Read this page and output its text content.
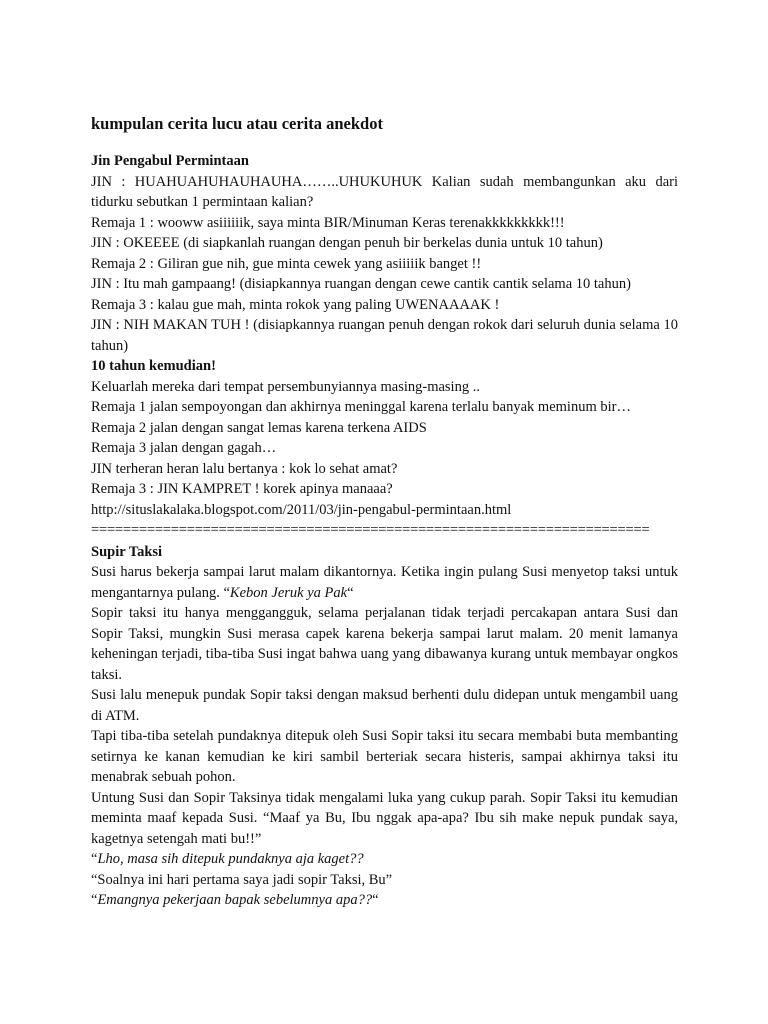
kumpulan cerita lucu atau cerita anekdot
Jin Pengabul Permintaan

JIN : HUAHUAHUHAUHAUHA……..UHUKUHUK Kalian sudah membangunkan aku dari tidurku sebutkan 1 permintaan kalian?

Remaja 1 : wooww asiiiiiik, saya minta BIR/Minuman Keras terenakkkkkkkkk!!!

JIN : OKEEEE (di siapkanlah ruangan dengan penuh bir berkelas dunia untuk 10 tahun)

Remaja 2 : Giliran gue nih, gue minta cewek yang asiiiiik banget !!

JIN : Itu mah gampaang! (disiapkannya ruangan dengan cewe cantik cantik selama 10 tahun)

Remaja 3 : kalau gue mah, minta rokok yang paling UWENAAAAK !

JIN : NIH MAKAN TUH ! (disiapkannya ruangan penuh dengan rokok dari seluruh dunia selama 10 tahun)

10 tahun kemudian!

Keluarlah mereka dari tempat persembunyiannya masing-masing ..

Remaja 1 jalan sempoyongan dan akhirnya meninggal karena terlalu banyak meminum bir…

Remaja 2 jalan dengan sangat lemas karena terkena AIDS

Remaja 3 jalan dengan gagah…

JIN terheran heran lalu bertanya : kok lo sehat amat?

Remaja 3 : JIN KAMPRET ! korek apinya manaaa?

http://situslakalaka.blogspot.com/2011/03/jin-pengabul-permintaan.html

======================================================================

Supir Taksi

Susi harus bekerja sampai larut malam dikantornya. Ketika ingin pulang Susi menyetop taksi untuk mengantarnya pulang. “Kebon Jeruk ya Pak“

Sopir taksi itu hanya menggangguk, selama perjalanan tidak terjadi percakapan antara Susi dan Sopir Taksi, mungkin Susi merasa capek karena bekerja sampai larut malam. 20 menit lamanya keheningan terjadi, tiba-tiba Susi ingat bahwa uang yang dibawanya kurang untuk membayar ongkos taksi.

Susi lalu menepuk pundak Sopir taksi dengan maksud berhenti dulu didepan untuk mengambil uang di ATM.

Tapi tiba-tiba setelah pundaknya ditepuk oleh Susi Sopir taksi itu secara membabi buta membanting setirnya ke kanan kemudian ke kiri sambil berteriak secara histeris, sampai akhirnya taksi itu menabrak sebuah pohon.

Untung Susi dan Sopir Taksinya tidak mengalami luka yang cukup parah. Sopir Taksi itu kemudian meminta maaf kepada Susi. “Maaf ya Bu, Ibu nggak apa-apa? Ibu sih make nepuk pundak saya, kagetnya setengah mati bu!!”

“Lho, masa sih ditepuk pundaknya aja kaget??

“Soalnya ini hari pertama saya jadi sopir Taksi, Bu”

“Emangnya pekerjaan bapak sebelumnya apa??“
